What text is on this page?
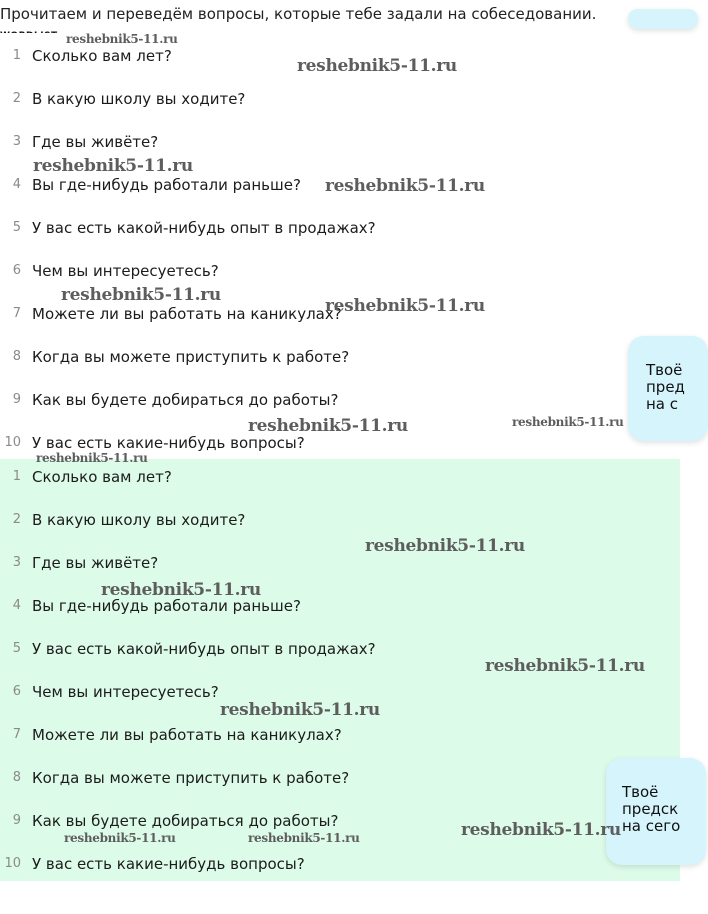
Прочитаем и переведём вопросы, которые тебе задали на собеседовании.
1 Сколько вам лет?
2 В какую школу вы ходите?
3 Где вы живёте?
4 Вы где-нибудь работали раньше?
5 У вас есть какой-нибудь опыт в продажах?
6 Чем вы интересуетесь?
7 Можете ли вы работать на каникулах?
8 Когда вы можете приступить к работе?
9 Как вы будете добираться до работы?
10 У вас есть какие-нибудь вопросы?
1 Сколько вам лет?
2 В какую школу вы ходите?
3 Где вы живёте?
4 Вы где-нибудь работали раньше?
5 У вас есть какой-нибудь опыт в продажах?
6 Чем вы интересуетесь?
7 Можете ли вы работать на каникулах?
8 Когда вы можете приступить к работе?
9 Как вы будете добираться до работы?
10 У вас есть какие-нибудь вопросы?
Твоё
пред
на с
Твоё
предск
на сего
reshebnik5-11.ru
reshebnik5-11.ru
reshebnik5-11.ru
reshebnik5-11.ru
reshebnik5-11.ru
reshebnik5-11.ru
reshebnik5-11.ru	reshebnik5-11.ru
reshebnik5-11.ru
reshebnik5-11.ru
reshebnik5-11.ru
reshebnik5-11.ru
reshebnik5-11.ru
reshebnik5-11.ru
reshebnik5-11.ru	reshebnik5-11.ru
